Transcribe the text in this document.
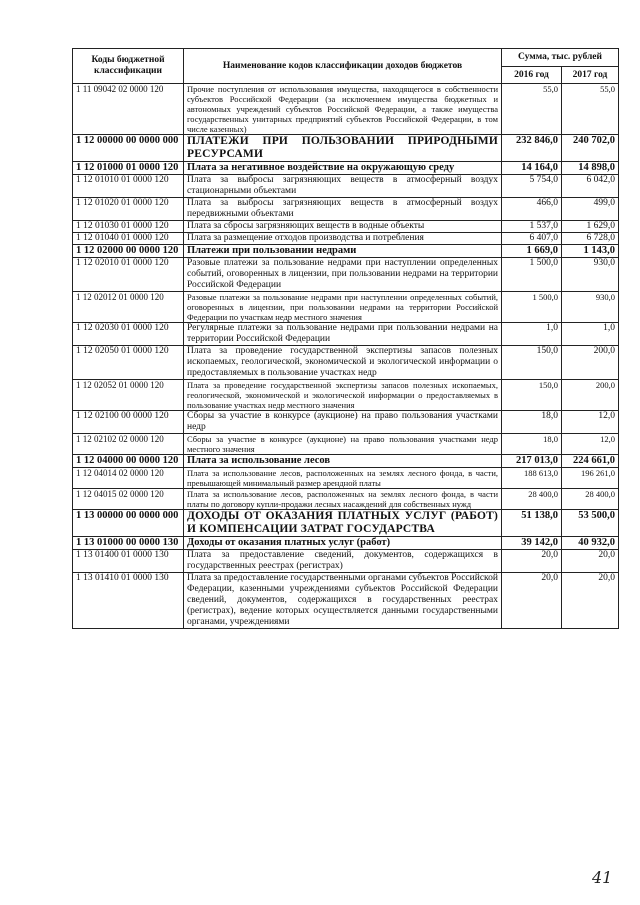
Коды бюджетной классификации	Наименование кодов классификации доходов бюджетов	Сумма, тыс. рублей	
		2016 год	2017 год
1 11 09042 02 0000 120	Прочие поступления от использования имущества, находящегося в собственности субъектов Российской Федерации (за исключением имущества бюджетных и автономных учреждений субъектов Российской Федерации, а также имущества государственных унитарных предприятий субъектов Российской Федерации, в том числе казенных)	55,0	55,0
1 12 00000 00 0000 000	ПЛАТЕЖИ ПРИ ПОЛЬЗОВАНИИ ПРИРОДНЫМИ РЕСУРСАМИ	232 846,0	240 702,0
1 12 01000 01 0000 120	Плата за негативное воздействие на окружающую среду	14 164,0	14 898,0
1 12 01010 01 0000 120	Плата за выбросы загрязняющих веществ в атмосферный воздух стационарными объектами	5 754,0	6 042,0
1 12 01020 01 0000 120	Плата за выбросы загрязняющих веществ в атмосферный воздух передвижными объектами	466,0	499,0
1 12 01030 01 0000 120	Плата за сбросы загрязняющих веществ в водные объекты	1 537,0	1 629,0
1 12 01040 01 0000 120	Плата за размещение отходов производства и потребления	6 407,0	6 728,0
1 12 02000 00 0000 120	Платежи при пользовании недрами	1 669,0	1 143,0
1 12 02010 01 0000 120	Разовые платежи за пользование недрами при наступлении определенных событий, оговоренных в лицензии, при пользовании недрами на территории Российской Федерации	1 500,0	930,0
1 12 02012 01 0000 120	Разовые платежи за пользование недрами при наступлении определенных событий, оговоренных в лицензии, при пользовании недрами на территории Российской Федерации по участкам недр местного значения	1 500,0	930,0
1 12 02030 01 0000 120	Регулярные платежи за пользование недрами при пользовании недрами на территории Российской Федерации	1,0	1,0
1 12 02050 01 0000 120	Плата за проведение государственной экспертизы запасов полезных ископаемых, геологической, экономической и экологической информации о предоставляемых в пользование участках недр	150,0	200,0
1 12 02052 01 0000 120	Плата за проведение государственной экспертизы запасов полезных ископаемых, геологической, экономической и экологической информации о предоставляемых в пользование участках недр местного значения	150,0	200,0
1 12 02100 00 0000 120	Сборы за участие в конкурсе (аукционе) на право пользования участками недр	18,0	12,0
1 12 02102 02 0000 120	Сборы за участие в конкурсе (аукционе) на право пользования участками недр местного значения	18,0	12,0
1 12 04000 00 0000 120	Плата за использование лесов	217 013,0	224 661,0
1 12 04014 02 0000 120	Плата за использование лесов, расположенных на землях лесного фонда, в части, превышающей минимальный размер арендной платы	188 613,0	196 261,0
1 12 04015 02 0000 120	Плата за использование лесов, расположенных на землях лесного фонда, в части платы по договору купли-продажи лесных насаждений для собственных нужд	28 400,0	28 400,0
1 13 00000 00 0000 000	ДОХОДЫ ОТ ОКАЗАНИЯ ПЛАТНЫХ УСЛУГ (РАБОТ) И КОМПЕНСАЦИИ ЗАТРАТ ГОСУДАРСТВА	51 138,0	53 500,0
1 13 01000 00 0000 130	Доходы от оказания платных услуг (работ)	39 142,0	40 932,0
1 13 01400 01 0000 130	Плата за предоставление сведений, документов, содержащихся в государственных реестрах (регистрах)	20,0	20,0
1 13 01410 01 0000 130	Плата за предоставление государственными органами субъектов Российской Федерации, казенными учреждениями субъектов Российской Федерации сведений, документов, содержащихся в государственных реестрах (регистрах), ведение которых осуществляется данными государственными органами, учреждениями	20,0	20,0
41
